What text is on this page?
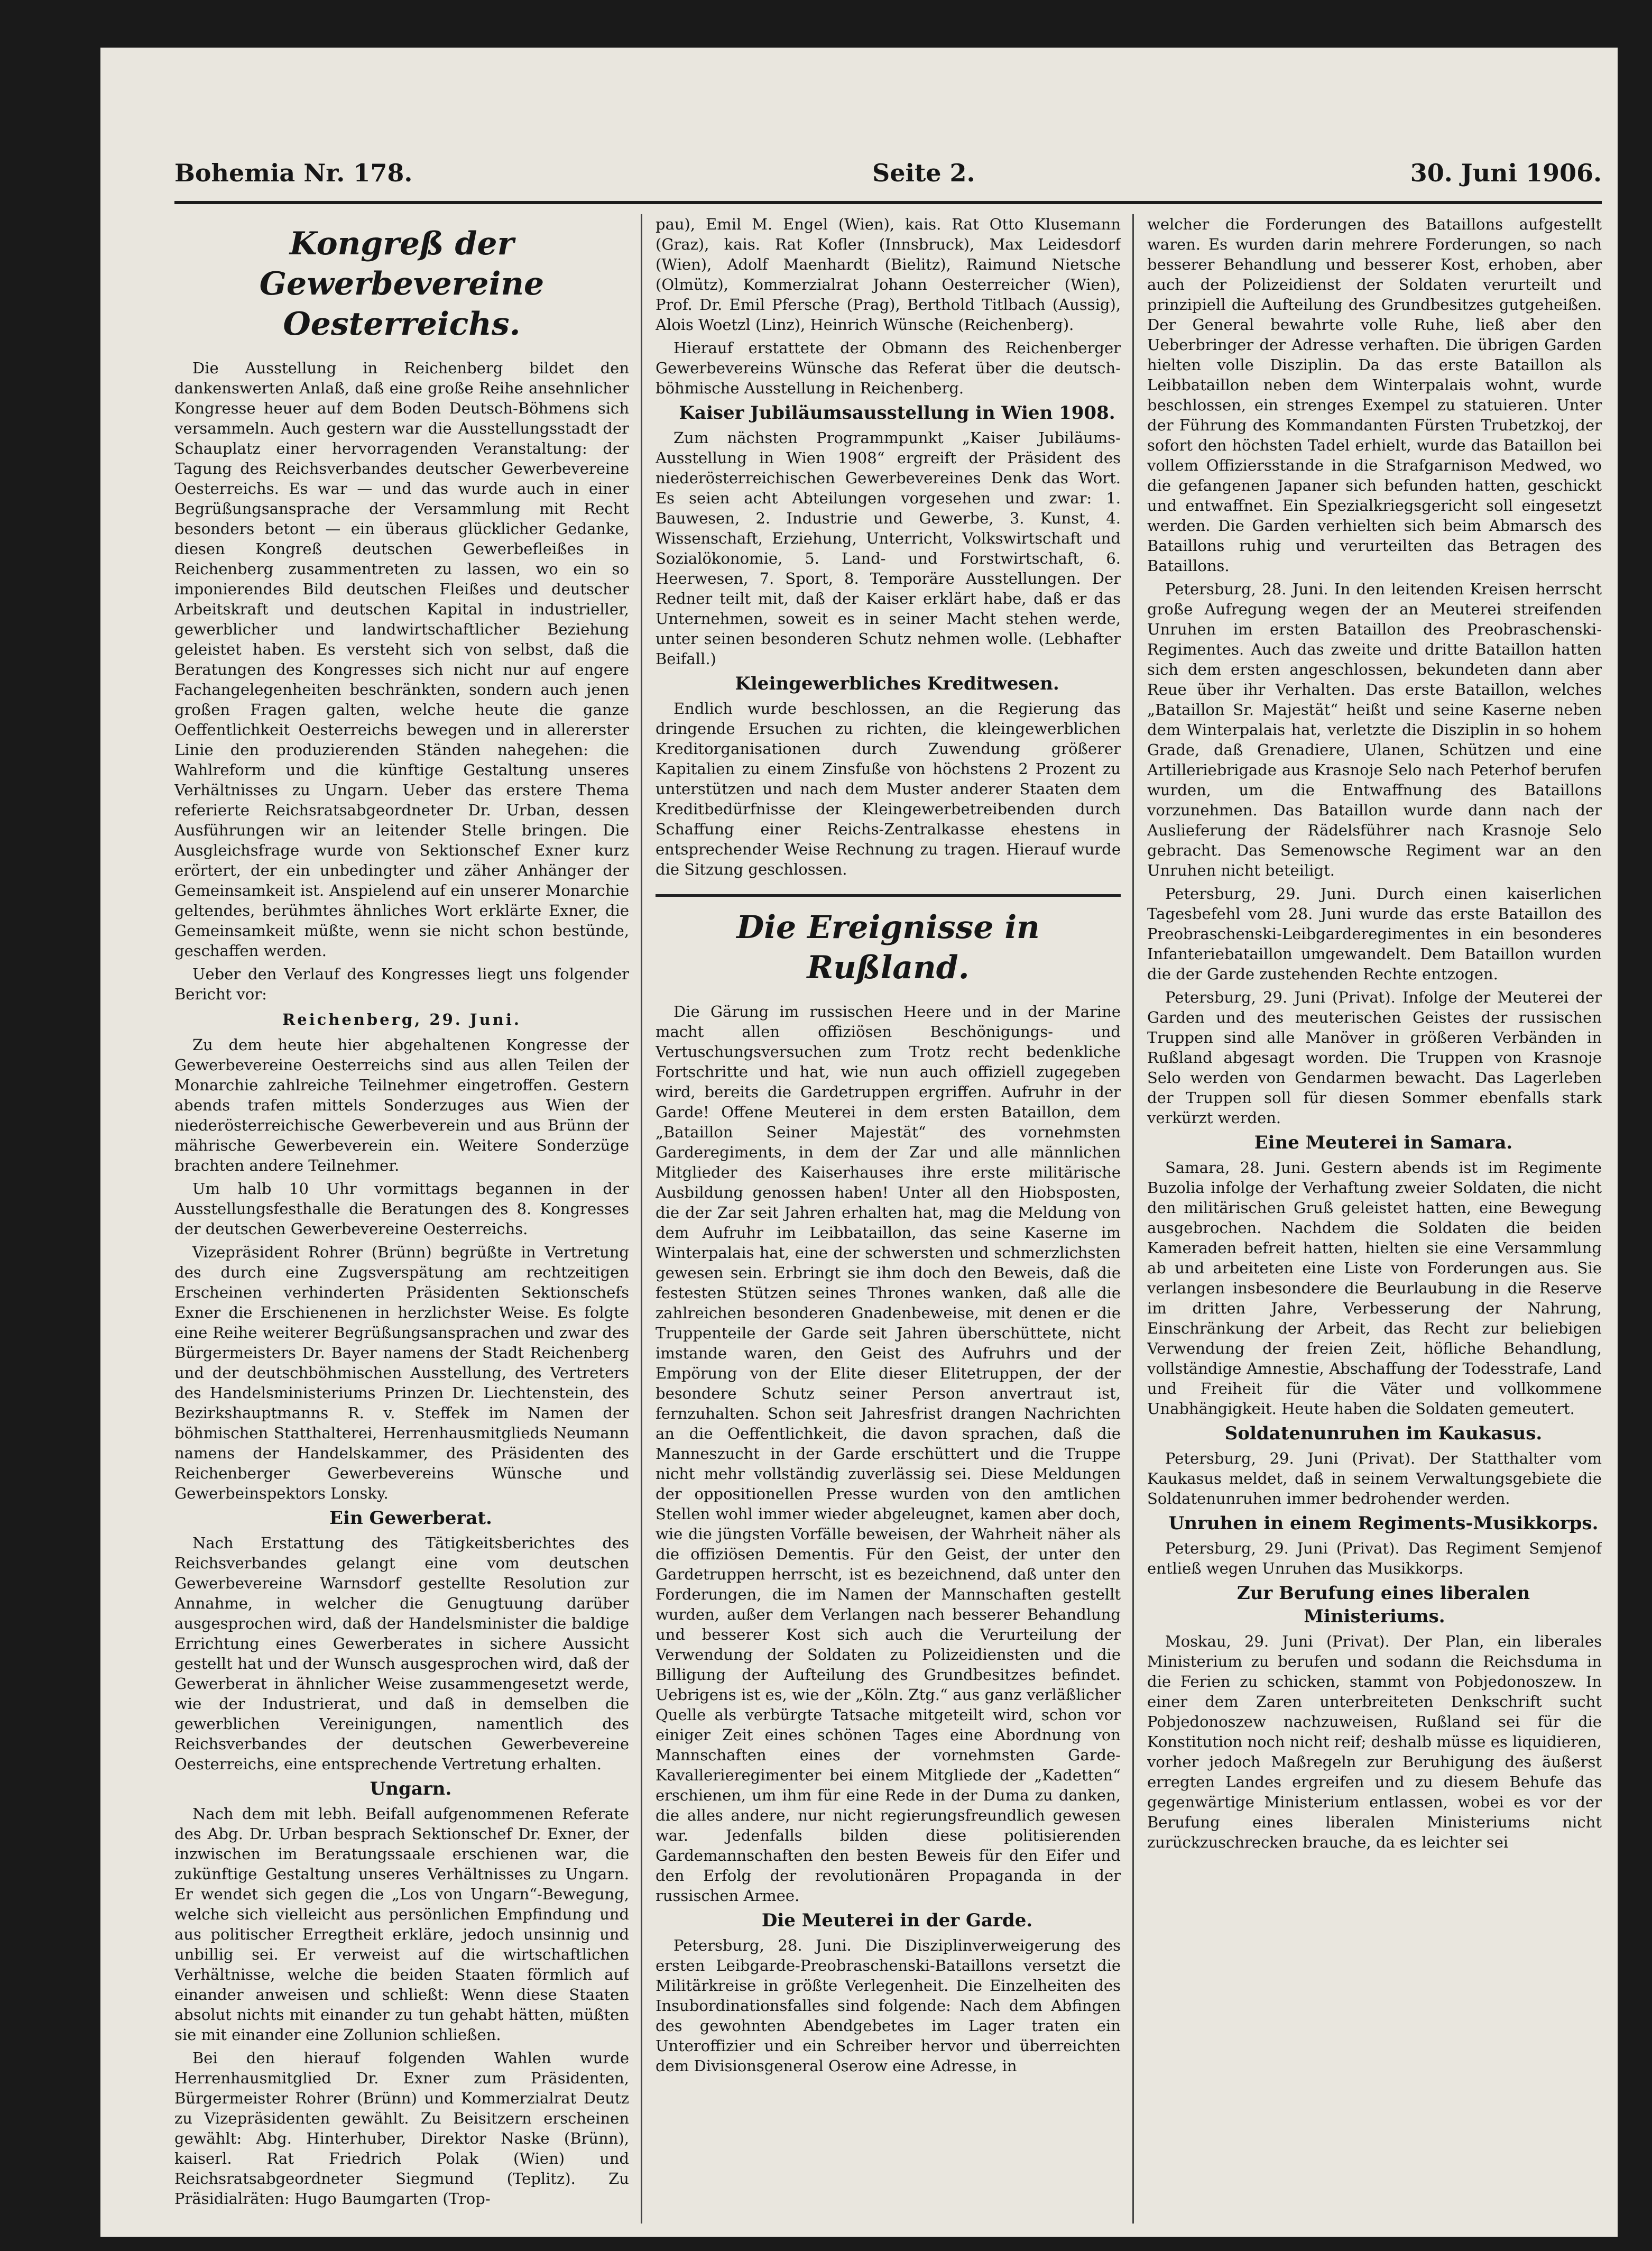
Bohemia Nr. 178.	Seite 2.	30. Juni 1906.
Kongreß der Gewerbevereine Oesterreichs.

Die Ausstellung in Reichenberg bildet den dankenswerten Anlaß, daß eine große Reihe ansehnlicher Kongresse heuer auf dem Boden Deutsch-Böhmens sich versammeln. Auch gestern war die Ausstellungsstadt der Schauplatz einer hervorragenden Veranstaltung: der Tagung des Reichsverbandes deutscher Gewerbevereine Oesterreichs. Es war — und das wurde auch in einer Begrüßungsansprache der Versammlung mit Recht besonders betont — ein überaus glücklicher Gedanke, diesen Kongreß deutschen Gewerbefleißes in Reichenberg zusammentreten zu lassen, wo ein so imponierendes Bild deutschen Fleißes und deutscher Arbeitskraft und deutschen Kapital in industrieller, gewerblicher und landwirtschaftlicher Beziehung geleistet haben. Es versteht sich von selbst, daß die Beratungen des Kongresses sich nicht nur auf engere Fachangelegenheiten beschränkten, sondern auch jenen großen Fragen galten, welche heute die ganze Oeffentlichkeit Oesterreichs bewegen und in allererster Linie den produzierenden Ständen nahegehen: die Wahlreform und die künftige Gestaltung unseres Verhältnisses zu Ungarn. Ueber das erstere Thema referierte Reichsratsabgeordneter Dr. Urban, dessen Ausführungen wir an leitender Stelle bringen. Die Ausgleichsfrage wurde von Sektionschef Exner kurz erörtert, der ein unbedingter und zäher Anhänger der Gemeinsamkeit ist. Anspielend auf ein unserer Monarchie geltendes, berühmtes ähnliches Wort erklärte Exner, die Gemeinsamkeit müßte, wenn sie nicht schon bestünde, geschaffen werden.

Ueber den Verlauf des Kongresses liegt uns folgender Bericht vor:

Reichenberg, 29. Juni.

Zu dem heute hier abgehaltenen Kongresse der Gewerbevereine Oesterreichs sind aus allen Teilen der Monarchie zahlreiche Teilnehmer eingetroffen. Gestern abends trafen mittels Sonderzuges aus Wien der niederösterreichische Gewerbeverein und aus Brünn der mährische Gewerbeverein ein. Weitere Sonderzüge brachten andere Teilnehmer.

Um halb 10 Uhr vormittags begannen in der Ausstellungsfesthalle die Beratungen des 8. Kongresses der deutschen Gewerbevereine Oesterreichs.

Vizepräsident Rohrer (Brünn) begrüßte in Vertretung des durch eine Zugsverspätung am rechtzeitigen Erscheinen verhinderten Präsidenten Sektionschefs Exner die Erschienenen in herzlichster Weise. Es folgte eine Reihe weiterer Begrüßungsansprachen und zwar des Bürgermeisters Dr. Bayer namens der Stadt Reichenberg und der deutschböhmischen Ausstellung, des Vertreters des Handelsministeriums Prinzen Dr. Liechtenstein, des Bezirkshauptmanns R. v. Steffek im Namen der böhmischen Statthalterei, Herrenhausmitglieds Neumann namens der Handelskammer, des Präsidenten des Reichenberger Gewerbevereins Wünsche und Gewerbeinspektors Lonsky.

Ein Gewerberat.

Nach Erstattung des Tätigkeitsberichtes des Reichsverbandes gelangt eine vom deutschen Gewerbevereine Warnsdorf gestellte Resolution zur Annahme, in welcher die Genugtuung darüber ausgesprochen wird, daß der Handelsminister die baldige Errichtung eines Gewerberates in sichere Aussicht gestellt hat und der Wunsch ausgesprochen wird, daß der Gewerberat in ähnlicher Weise zusammengesetzt werde, wie der Industrierat, und daß in demselben die gewerblichen Vereinigungen, namentlich des Reichsverbandes der deutschen Gewerbevereine Oesterreichs, eine entsprechende Vertretung erhalten.

Ungarn.

Nach dem mit lebh. Beifall aufgenommenen Referate des Abg. Dr. Urban besprach Sektionschef Dr. Exner, der inzwischen im Beratungssaale erschienen war, die zukünftige Gestaltung unseres Verhältnisses zu Ungarn. Er wendet sich gegen die „Los von Ungarn“-Bewegung, welche sich vielleicht aus persönlichen Empfindung und aus politischer Erregtheit erkläre, jedoch unsinnig und unbillig sei. Er verweist auf die wirtschaftlichen Verhältnisse, welche die beiden Staaten förmlich auf einander anweisen und schließt: Wenn diese Staaten absolut nichts mit einander zu tun gehabt hätten, müßten sie mit einander eine Zollunion schließen.

Bei den hierauf folgenden Wahlen wurde Herrenhausmitglied Dr. Exner zum Präsidenten, Bürgermeister Rohrer (Brünn) und Kommerzialrat Deutz zu Vizepräsidenten gewählt. Zu Beisitzern erscheinen gewählt: Abg. Hinterhuber, Direktor Naske (Brünn), kaiserl. Rat Friedrich Polak (Wien) und Reichsratsabgeordneter Siegmund (Teplitz). Zu Präsidialräten: Hugo Baumgarten (Trop-

pau), Emil M. Engel (Wien), kais. Rat Otto Klusemann (Graz), kais. Rat Kofler (Innsbruck), Max Leidesdorf (Wien), Adolf Maenhardt (Bielitz), Raimund Nietsche (Olmütz), Kommerzialrat Johann Oesterreicher (Wien), Prof. Dr. Emil Pfersche (Prag), Berthold Titlbach (Aussig), Alois Woetzl (Linz), Heinrich Wünsche (Reichenberg).

Hierauf erstattete der Obmann des Reichenberger Gewerbevereins Wünsche das Referat über die deutsch-böhmische Ausstellung in Reichenberg.

Kaiser Jubiläumsausstellung in Wien 1908.

Zum nächsten Programmpunkt „Kaiser Jubiläums-Ausstellung in Wien 1908“ ergreift der Präsident des niederösterreichischen Gewerbevereines Denk das Wort. Es seien acht Abteilungen vorgesehen und zwar: 1. Bauwesen, 2. Industrie und Gewerbe, 3. Kunst, 4. Wissenschaft, Erziehung, Unterricht, Volkswirtschaft und Sozialökonomie, 5. Land- und Forstwirtschaft, 6. Heerwesen, 7. Sport, 8. Temporäre Ausstellungen. Der Redner teilt mit, daß der Kaiser erklärt habe, daß er das Unternehmen, soweit es in seiner Macht stehen werde, unter seinen besonderen Schutz nehmen wolle. (Lebhafter Beifall.)

Kleingewerbliches Kreditwesen.

Endlich wurde beschlossen, an die Regierung das dringende Ersuchen zu richten, die kleingewerblichen Kreditorganisationen durch Zuwendung größerer Kapitalien zu einem Zinsfuße von höchstens 2 Prozent zu unterstützen und nach dem Muster anderer Staaten dem Kreditbedürfnisse der Kleingewerbetreibenden durch Schaffung einer Reichs-Zentralkasse ehestens in entsprechender Weise Rechnung zu tragen. Hierauf wurde die Sitzung geschlossen.

Die Ereignisse in Rußland.

Die Gärung im russischen Heere und in der Marine macht allen offiziösen Beschönigungs- und Vertuschungsversuchen zum Trotz recht bedenkliche Fortschritte und hat, wie nun auch offiziell zugegeben wird, bereits die Gardetruppen ergriffen. Aufruhr in der Garde! Offene Meuterei in dem ersten Bataillon, dem „Bataillon Seiner Majestät“ des vornehmsten Garderegiments, in dem der Zar und alle männlichen Mitglieder des Kaiserhauses ihre erste militärische Ausbildung genossen haben! Unter all den Hiobsposten, die der Zar seit Jahren erhalten hat, mag die Meldung von dem Aufruhr im Leibbataillon, das seine Kaserne im Winterpalais hat, eine der schwersten und schmerzlichsten gewesen sein. Erbringt sie ihm doch den Beweis, daß die festesten Stützen seines Thrones wanken, daß alle die zahlreichen besonderen Gnadenbeweise, mit denen er die Truppenteile der Garde seit Jahren überschüttete, nicht imstande waren, den Geist des Aufruhrs und der Empörung von der Elite dieser Elitetruppen, der der besondere Schutz seiner Person anvertraut ist, fernzuhalten. Schon seit Jahresfrist drangen Nachrichten an die Oeffentlichkeit, die davon sprachen, daß die Manneszucht in der Garde erschüttert und die Truppe nicht mehr vollständig zuverlässig sei. Diese Meldungen der oppositionellen Presse wurden von den amtlichen Stellen wohl immer wieder abgeleugnet, kamen aber doch, wie die jüngsten Vorfälle beweisen, der Wahrheit näher als die offiziösen Dementis. Für den Geist, der unter den Gardetruppen herrscht, ist es bezeichnend, daß unter den Forderungen, die im Namen der Mannschaften gestellt wurden, außer dem Verlangen nach besserer Behandlung und besserer Kost sich auch die Verurteilung der Verwendung der Soldaten zu Polizeidiensten und die Billigung der Aufteilung des Grundbesitzes befindet. Uebrigens ist es, wie der „Köln. Ztg.“ aus ganz verläßlicher Quelle als verbürgte Tatsache mitgeteilt wird, schon vor einiger Zeit eines schönen Tages eine Abordnung von Mannschaften eines der vornehmsten Garde-Kavallerieregimenter bei einem Mitgliede der „Kadetten“ erschienen, um ihm für eine Rede in der Duma zu danken, die alles andere, nur nicht regierungsfreundlich gewesen war. Jedenfalls bilden diese politisierenden Gardemannschaften den besten Beweis für den Eifer und den Erfolg der revolutionären Propaganda in der russischen Armee.

Die Meuterei in der Garde.

Petersburg, 28. Juni. Die Disziplinverweigerung des ersten Leibgarde-Preobraschenski-Bataillons versetzt die Militärkreise in größte Verlegenheit. Die Einzelheiten des Insubordinationsfalles sind folgende: Nach dem Abfingen des gewohnten Abendgebetes im Lager traten ein Unteroffizier und ein Schreiber hervor und überreichten dem Divisionsgeneral Oserow eine Adresse, in

welcher die Forderungen des Bataillons aufgestellt waren. Es wurden darin mehrere Forderungen, so nach besserer Behandlung und besserer Kost, erhoben, aber auch der Polizeidienst der Soldaten verurteilt und prinzipiell die Aufteilung des Grundbesitzes gutgeheißen. Der General bewahrte volle Ruhe, ließ aber den Ueberbringer der Adresse verhaften. Die übrigen Garden hielten volle Disziplin. Da das erste Bataillon als Leibbataillon neben dem Winterpalais wohnt, wurde beschlossen, ein strenges Exempel zu statuieren. Unter der Führung des Kommandanten Fürsten Trubetzkoj, der sofort den höchsten Tadel erhielt, wurde das Bataillon bei vollem Offiziersstande in die Strafgarnison Medwed, wo die gefangenen Japaner sich befunden hatten, geschickt und entwaffnet. Ein Spezialkriegsgericht soll eingesetzt werden. Die Garden verhielten sich beim Abmarsch des Bataillons ruhig und verurteilten das Betragen des Bataillons.

Petersburg, 28. Juni. In den leitenden Kreisen herrscht große Aufregung wegen der an Meuterei streifenden Unruhen im ersten Bataillon des Preobraschenski-Regimentes. Auch das zweite und dritte Bataillon hatten sich dem ersten angeschlossen, bekundeten dann aber Reue über ihr Verhalten. Das erste Bataillon, welches „Bataillon Sr. Majestät“ heißt und seine Kaserne neben dem Winterpalais hat, verletzte die Disziplin in so hohem Grade, daß Grenadiere, Ulanen, Schützen und eine Artilleriebrigade aus Krasnoje Selo nach Peterhof berufen wurden, um die Entwaffnung des Bataillons vorzunehmen. Das Bataillon wurde dann nach der Auslieferung der Rädelsführer nach Krasnoje Selo gebracht. Das Semenowsche Regiment war an den Unruhen nicht beteiligt.

Petersburg, 29. Juni. Durch einen kaiserlichen Tagesbefehl vom 28. Juni wurde das erste Bataillon des Preobraschenski-Leibgarderegimentes in ein besonderes Infanteriebataillon umgewandelt. Dem Bataillon wurden die der Garde zustehenden Rechte entzogen.

Petersburg, 29. Juni (Privat). Infolge der Meuterei der Garden und des meuterischen Geistes der russischen Truppen sind alle Manöver in größeren Verbänden in Rußland abgesagt worden. Die Truppen von Krasnoje Selo werden von Gendarmen bewacht. Das Lagerleben der Truppen soll für diesen Sommer ebenfalls stark verkürzt werden.

Eine Meuterei in Samara.

Samara, 28. Juni. Gestern abends ist im Regimente Buzolia infolge der Verhaftung zweier Soldaten, die nicht den militärischen Gruß geleistet hatten, eine Bewegung ausgebrochen. Nachdem die Soldaten die beiden Kameraden befreit hatten, hielten sie eine Versammlung ab und arbeiteten eine Liste von Forderungen aus. Sie verlangen insbesondere die Beurlaubung in die Reserve im dritten Jahre, Verbesserung der Nahrung, Einschränkung der Arbeit, das Recht zur beliebigen Verwendung der freien Zeit, höfliche Behandlung, vollständige Amnestie, Abschaffung der Todesstrafe, Land und Freiheit für die Väter und vollkommene Unabhängigkeit. Heute haben die Soldaten gemeutert.

Soldatenunruhen im Kaukasus.

Petersburg, 29. Juni (Privat). Der Statthalter vom Kaukasus meldet, daß in seinem Verwaltungsgebiete die Soldatenunruhen immer bedrohender werden.

Unruhen in einem Regiments-Musikkorps.

Petersburg, 29. Juni (Privat). Das Regiment Semjenof entließ wegen Unruhen das Musikkorps.

Zur Berufung eines liberalen Ministeriums.

Moskau, 29. Juni (Privat). Der Plan, ein liberales Ministerium zu berufen und sodann die Reichsduma in die Ferien zu schicken, stammt von Pobjedonoszew. In einer dem Zaren unterbreiteten Denkschrift sucht Pobjedonoszew nachzuweisen, Rußland sei für die Konstitution noch nicht reif; deshalb müsse es liquidieren, vorher jedoch Maßregeln zur Beruhigung des äußerst erregten Landes ergreifen und zu diesem Behufe das gegenwärtige Ministerium entlassen, wobei es vor der Berufung eines liberalen Ministeriums nicht zurückzuschrecken brauche, da es leichter sei
